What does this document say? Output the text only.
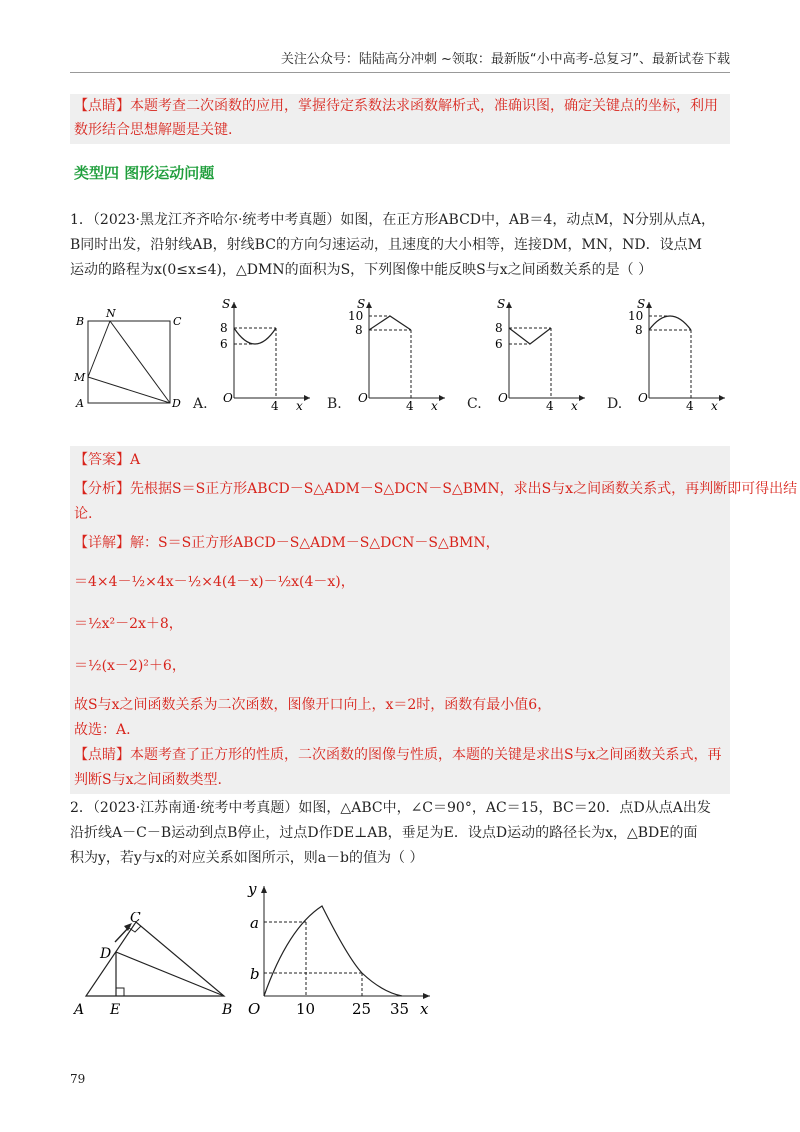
关注公众号：陆陆高分冲刺 ~领取：最新版“小中高考-总复习”、最新试卷下载
【点睛】本题考查二次函数的应用，掌握待定系数法求函数解析式，准确识图，确定关键点的坐标，利用
数形结合思想解题是关键.
类型四 图形运动问题
1．（2023·黑龙江齐齐哈尔·统考中考真题）如图，在正方形ABCD中，AB＝4，动点M，N分别从点A，
B同时出发，沿射线AB，射线BC的方向匀速运动，且速度的大小相等，连接DM，MN，ND．设点M
运动的路程为x(0≤x≤4)，△DMN的面积为S，下列图像中能反映S与x之间函数关系的是（ ）
B
N
C
M
A	D
S
O
x
8
6
4
A.
S
O
x
10
8
4
B.
S
O
x
8
6
4
C.
S
O
x
10
8
4
D.
【答案】A
【分析】先根据S＝S正方形ABCD－S△ADM－S△DCN－S△BMN，求出S与x之间函数关系式，再判断即可得出结
论.
【详解】解：S＝S正方形ABCD－S△ADM－S△DCN－S△BMN，
＝4×4－½×4x－½×4(4－x)－½x(4－x)，
＝½x²－2x＋8，
＝½(x－2)²＋6，
故S与x之间函数关系为二次函数，图像开口向上，x＝2时，函数有最小值6，
故选：A.
【点睛】本题考查了正方形的性质，二次函数的图像与性质，本题的关键是求出S与x之间函数关系式，再
判断S与x之间函数类型.
2．（2023·江苏南通·统考中考真题）如图，△ABC中，∠C＝90°，AC＝15，BC＝20．点D从点A出发
沿折线A－C－B运动到点B停止，过点D作DE⊥AB，垂足为E．设点D运动的路径长为x，△BDE的面
积为y，若y与x的对应关系如图所示，则a－b的值为（ ）
A E	B
C
D
y
a
b
O 10 25 35 x
79
